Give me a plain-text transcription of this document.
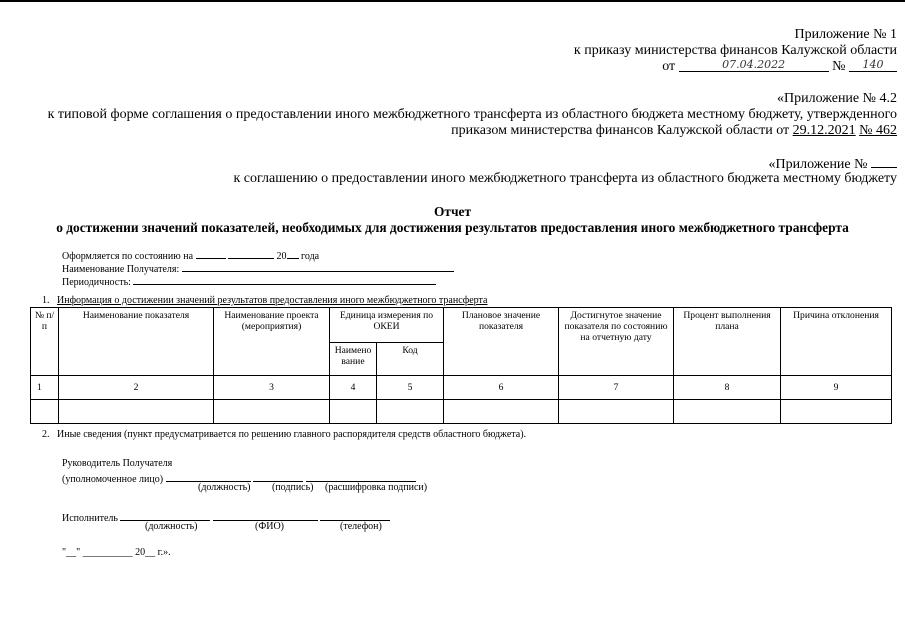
Приложение № 1
к приказу министерства финансов Калужской области
от	07.04.2022	№ 140
«Приложение № 4.2
к типовой форме соглашения о предоставлении иного межбюджетного трансферта из областного бюджета местному бюджету, утвержденного
приказом министерства финансов Калужской области от 29.12.2021 № 462
«Приложение №
к соглашению о предоставлении иного межбюджетного трансферта из областного бюджета местному бюджету
Отчет
о достижении значений показателей, необходимых для достижения результатов предоставления иного межбюджетного трансферта
Оформляется по состоянию на	20 года
Наименование Получателя:
Периодичность:
1. Информация о достижении значений результатов предоставления иного межбюджетного трансферта
№ п/п	Наименование показателя	Наименование проекта (мероприятия)	Единица измерения по ОКЕИ		Плановое значение показателя	Достигнутое значение показателя по состоянию на отчетную дату	Процент выполнения плана	Причина отклонения
			Наимено вание	Код				
1	2	3	4	5	6	7	8	9

2. Иные сведения (пункт предусматривается по решению главного распорядителя средств областного бюджета).
Руководитель Получателя
(уполномоченное лицо)
(должность) (подпись) (расшифровка подписи)
Исполнитель
(должность)	(ФИО)	(телефон)
"__" __________ 20__ г.».
